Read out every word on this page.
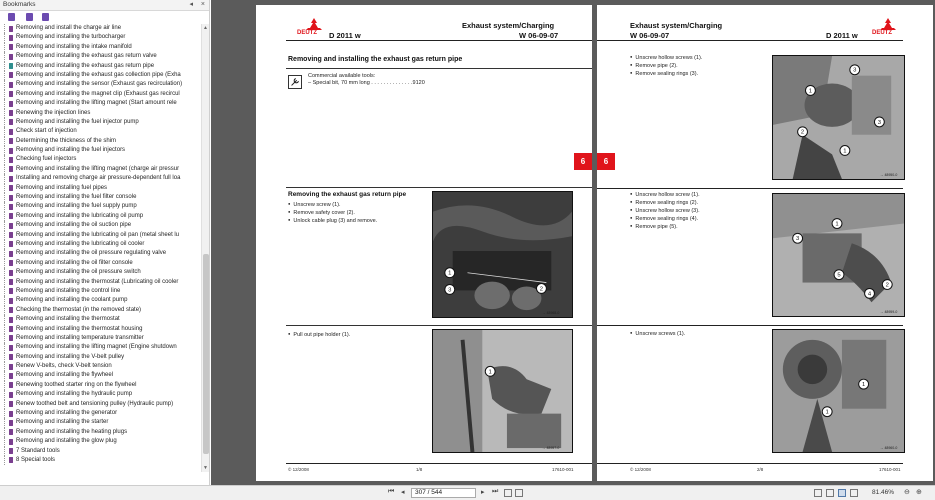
Bookmarks	◂ ×
Removing and install the charge air line
Removing and installing the turbocharger
Removing and installing the intake manifold
Removing and installing the exhaust gas return valve
Removing and installing the exhaust gas return pipe
Removing and installing the exhaust gas collection pipe (Exha
Removing and installing the sensor (Exhaust gas recirculation)
Removing and installing the magnet clip (Exhaust gas recircul
Removing and installing the lifting magnet (Start amount rele
Renewing the injection lines
Removing and installing the fuel injector pump
Check start of injection
Determining the thickness of the shim
Removing and installing the fuel injectors
Checking fuel injectors
Removing and installing the lifting magnet (charge air pressur
Installing and removing charge air pressure-dependent full loa
Removing and installing fuel pipes
Removing and installing the fuel filter console
Removing and installing the fuel supply pump
Removing and installing the lubricating oil pump
Removing and installing the oil suction pipe
Removing and installing the lubricating oil pan (metal sheet lu
Removing and installing the lubricating oil cooler
Removing and installing the oil pressure regulating valve
Removing and installing the oil filter console
Removing and installing the oil pressure switch
Removing and installing the thermostat (Lubricating oil cooler
Removing and installing the control line
Removing and installing the coolant pump
Checking the thermostat (in the removed state)
Removing and installing the thermostat
Removing and installing the thermostat housing
Removing and installing temperature transmitter
Removing and installing the lifting magnet (Engine shutdown
Removing and installing the V-belt pulley
Renew V-belts, check V-belt tension
Removing and installing the flywheel
Renewing toothed starter ring on the flywheel
Removing and installing the hydraulic pump
Renew toothed belt and tensioning pulley (Hydraulic pump)
Removing and installing the generator
Removing and installing the starter
Removing and installing the heating plugs
Removing and installing the glow plug
7 Standard tools
8 Special tools
▲
▼
DEUTZ D 2011 w
Exhaust system/Charging
W 06-09-07
Removing and installing the exhaust gas return pipe
Commercial available tools:
– Special bit, 70 mm long . . . . . . . . . . . . . .9120
Removing the exhaust gas return pipe
● Unscrew screw (1).
● Remove safety cover (2).
● Unlock cable plug (3) and remove.
1
2
3
→ 48968-0
● Pull out pipe holder (1).
1
→ 48957-0
6
© 12/2008	1/8	17610-001
Exhaust system/Charging
W 06-09-07	D 2011 w DEUTZ
● Unscrew hollow screws (1).
● Remove pipe (2).
● Remove sealing rings (3).
3
1
2
3
1
→ 48950-0
● Unscrew hollow screw (1).
● Remove sealing rings (2).
● Unscrew hollow screw (3).
● Remove sealing rings (4).
● Remove pipe (5).
3
1
5
2
4
→ 48959-0
● Unscrew screws (1).
1
1
→ 48960-0
6
© 12/2008	2/8	17610-001
⏮ ◂	307 / 544	▸ ⏭	81.46% ⊖ ⊕
